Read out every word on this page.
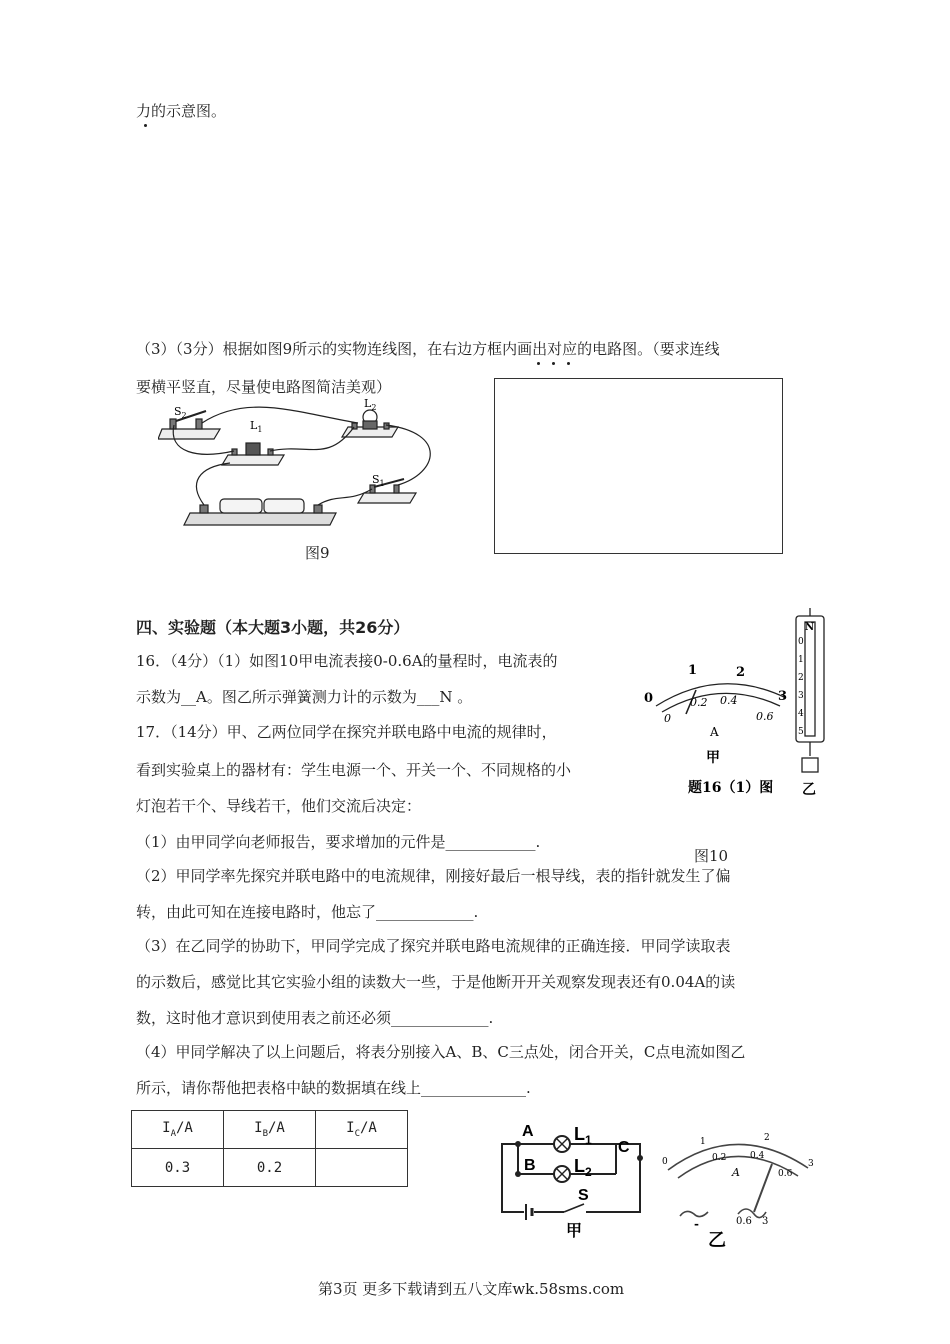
力的示意图。
（3）（3分）根据如图9所示的实物连线图，在右边方框内画出对应的电路图。（要求连线
要横平竖直，尽量使电路图简洁美观）
$S_2$
$L_1$
$L_2$
$S_1$
图9
四、实验题（本大题3小题，共26分）
16．（4分）（1）如图10甲电流表接0-0.6A的量程时，电流表的
示数为__A。图乙所示弹簧测力计的示数为___N 。
17．（14分）甲、乙两位同学在探究并联电路中电流的规律时，
看到实验桌上的器材有：学生电源一个、开关一个、不同规格的小
灯泡若干个、导线若干，他们交流后决定：
0
1	2
3
0
0.2 0.4
0.6
A
甲
题16（1）图
N
0
1
2
3
4
5
乙
图10
（1）由甲同学向老师报告，要求增加的元件是____________.
（2）甲同学率先探究并联电路中的电流规律，刚接好最后一根导线，表的指针就发生了偏
转，由此可知在连接电路时，他忘了_____________.
（3）在乙同学的协助下，甲同学完成了探究并联电路电流规律的正确连接．甲同学读取表
的示数后，感觉比其它实验小组的读数大一些，于是他断开开关观察发现表还有0.04A的读
数，这时他才意识到使用表之前还必须_____________.
（4）甲同学解决了以上问题后，将表分别接入A、B、C三点处，闭合开关，C点电流如图乙
所示，请你帮他把表格中缺的数据填在线上______________.
$I_A/A$	$I_B/A$	$I_C/A$
0.3	0.2	
A
B
C
$L_1$
$L_2$
S
甲
1	2
3
0	0.2	0.4
0.6
A
-	0.6 3
乙
第3页 更多下载请到五八文库wk.58sms.com
